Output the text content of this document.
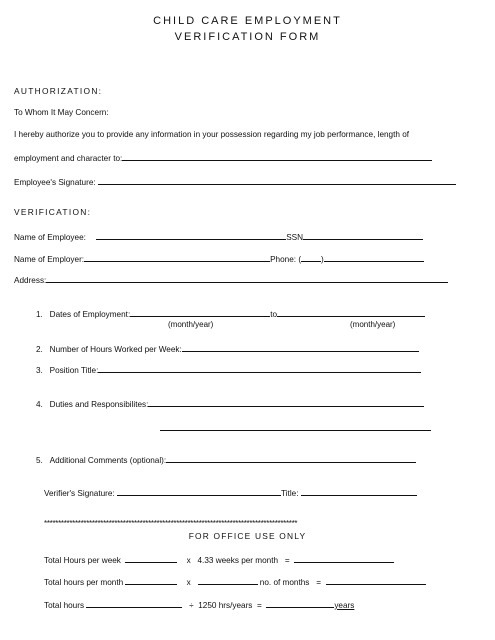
CHILD CARE EMPLOYMENT
VERIFICATION FORM
AUTHORIZATION:
To Whom It May Concern:
I hereby authorize you to provide any information in your possession regarding my job performance, length of
employment and character to:
Employee's Signature:
VERIFICATION:
Name of Employee:	SSN
Name of Employer:	Phone: ( )
Address:
1. Dates of Employment:	to
(month/year)	(month/year)
2. Number of Hours Worked per Week:
3. Position Title:
4. Duties and Responsibilites:
5. Additional Comments (optional):
Verifier's Signature:	Title:
******************************************************************************************
FOR OFFICE USE ONLY
Total Hours per week	x 4.33 weeks per month =
Total hours per month	x	no. of months =
Total hours	÷ 1250 hrs/years =	years
